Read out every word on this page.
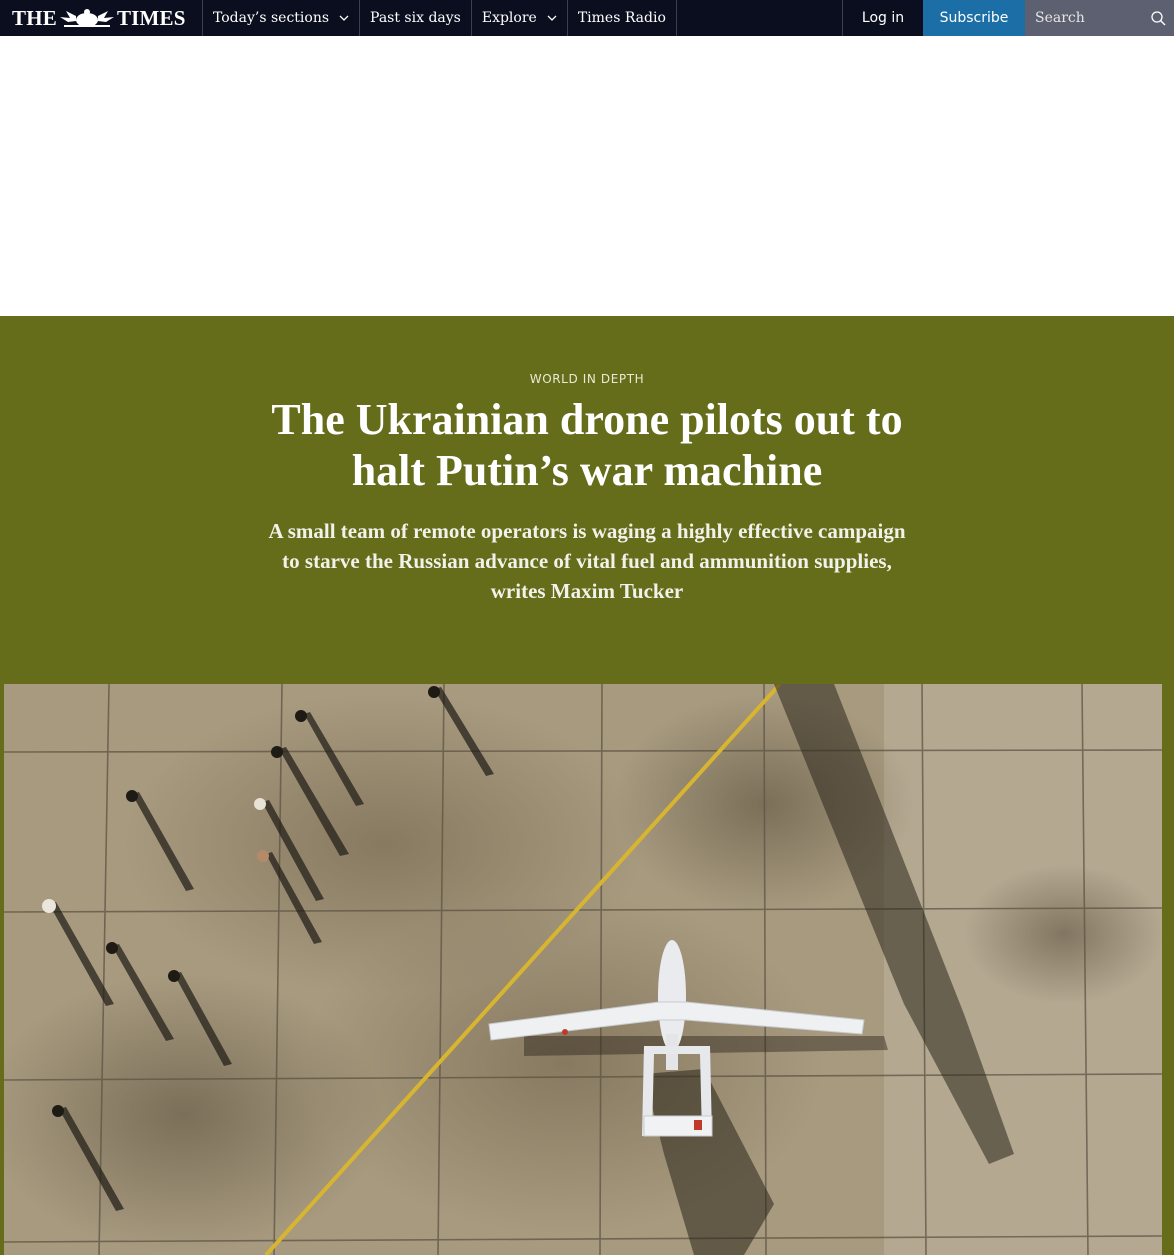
THE	TIMES Today’s sections	Past six days Explore	Times Radio	Log in	Subscribe
Search
WORLD IN DEPTH
The Ukrainian drone pilots out to halt Putin’s war machine

A small team of remote operators is waging a highly effective campaign to starve the Russian advance of vital fuel and ammunition supplies, writes Maxim Tucker
